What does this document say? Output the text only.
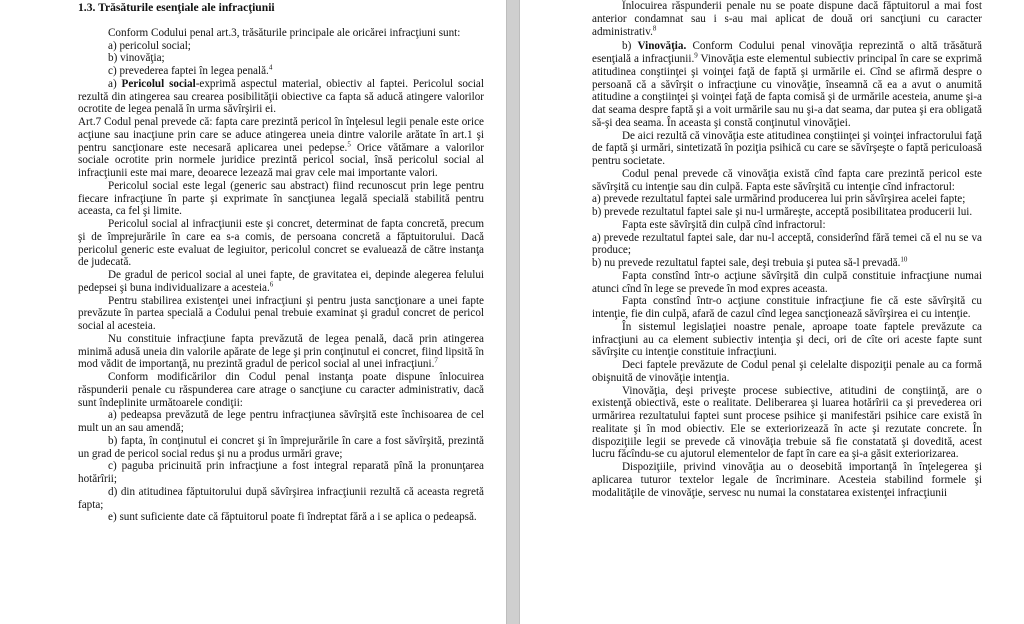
1.3. Trăsăturile esenţiale ale infracţiunii

Conform Codului penal art.3, trăsăturile principale ale oricărei infracţiuni sunt:

a) pericolul social;

b) vinovăţia;

c) prevederea faptei în legea penală.$^4$

a) Pericolul social-exprimă aspectul material, obiectiv al faptei. Pericolul social rezultă din atingerea sau crearea posibilităţii obiective ca fapta să aducă atingere valorilor ocrotite de legea penală în urma săvîrşirii ei.

Art.7 Codul penal prevede că: fapta care prezintă pericol în înţelesul legii penale este orice acţiune sau inacţiune prin care se aduce atingerea uneia dintre valorile arătate în art.1 şi pentru sancţionare este necesară aplicarea unei pedepse.$^5$ Orice vătămare a valorilor sociale ocrotite prin normele juridice prezintă pericol social, însă pericolul social al infracţiunii este mai mare, deoarece lezează mai grav cele mai importante valori.

Pericolul social este legal (generic sau abstract) fiind recunoscut prin lege pentru fiecare infracţiune în parte şi exprimate în sancţiunea legală specială stabilită pentru aceasta, ca fel şi limite.

Pericolul social al infracţiunii este şi concret, determinat de fapta concretă, precum şi de împrejurările în care ea s-a comis, de persoana concretă a făptuitorului. Dacă pericolul generic este evaluat de legiuitor, pericolul concret se evaluează de către instanţa de judecată.

De gradul de pericol social al unei fapte, de gravitatea ei, depinde alegerea felului pedepsei şi buna individualizare a acesteia.$^6$

Pentru stabilirea existenţei unei infracţiuni şi pentru justa sancţionare a unei fapte prevăzute în partea specială a Codului penal trebuie examinat şi gradul concret de pericol social al acesteia.

Nu constituie infracţiune fapta prevăzută de legea penală, dacă prin atingerea minimă adusă uneia din valorile apărate de lege şi prin conţinutul ei concret, fiind lipsită în mod vădit de importanţă, nu prezintă gradul de pericol social al unei infracţiuni.$^7$

Conform modificărilor din Codul penal instanţa poate dispune înlocuirea răspunderii penale cu răspunderea care atrage o sancţiune cu caracter administrativ, dacă sunt îndeplinite următoarele condiţii:

a) pedeapsa prevăzută de lege pentru infracţiunea săvîrşită este închisoarea de cel mult un an sau amendă;

b) fapta, în conţinutul ei concret şi în împrejurările în care a fost săvîrşită, prezintă un grad de pericol social redus şi nu a produs urmări grave;

c) paguba pricinuită prin infracţiune a fost integral reparată pînă la pronunţarea hotărîrii;

d) din atitudinea făptuitorului după săvîrşirea infracţiunii rezultă că aceasta regretă fapta;

e) sunt suficiente date că făptuitorul poate fi îndreptat fără a i se aplica o pedeapsă.

Înlocuirea răspunderii penale nu se poate dispune dacă făptuitorul a mai fost anterior condamnat sau i s-au mai aplicat de două ori sancţiuni cu caracter administrativ.$^8$

b) Vinovăţia. Conform Codului penal vinovăţia reprezintă o altă trăsătură esenţială a infracţiunii.$^9$ Vinovăţia este elementul subiectiv principal în care se exprimă atitudinea conştiinţei şi voinţei faţă de faptă şi urmările ei. Cînd se afirmă despre o persoană că a săvîrşit o infracţiune cu vinovăţie, înseamnă că ea a avut o anumită atitudine a conştiinţei şi voinţei faţă de fapta comisă şi de urmările acesteia, anume şi-a dat seama despre faptă şi a voit urmările sau nu şi-a dat seama, dar putea şi era obligată să-şi dea seama. În aceasta şi constă conţinutul vinovăţiei.

De aici rezultă că vinovăţia este atitudinea conştiinţei şi voinţei infractorului faţă de faptă şi urmări, sintetizată în poziţia psihică cu care se săvîrşeşte o faptă periculoasă pentru societate.

Codul penal prevede că vinovăţia există cînd fapta care prezintă pericol este săvîrşită cu intenţie sau din culpă. Fapta este săvîrşită cu intenţie cînd infractorul:

a) prevede rezultatul faptei sale urmărind producerea lui prin săvîrşirea acelei fapte;

b) prevede rezultatul faptei sale şi nu-l urmăreşte, acceptă posibilitatea producerii lui.

Fapta este săvîrşită din culpă cînd infractorul:

a) prevede rezultatul faptei sale, dar nu-l acceptă, considerînd fără temei că el nu se va produce;

b) nu prevede rezultatul faptei sale, deşi trebuia şi putea să-l prevadă.$^{10}$

Fapta constînd într-o acţiune săvîrşită din culpă constituie infracţiune numai atunci cînd în lege se prevede în mod expres aceasta.

Fapta constînd într-o acţiune constituie infracţiune fie că este săvîrşită cu intenţie, fie din culpă, afară de cazul cînd legea sancţionează săvîrşirea ei cu intenţie.

În sistemul legislaţiei noastre penale, aproape toate faptele prevăzute ca infracţiuni au ca element subiectiv intenţia şi deci, ori de cîte ori aceste fapte sunt săvîrşite cu intenţie constituie infracţiuni.

Deci faptele prevăzute de Codul penal şi celelalte dispoziţii penale au ca formă obişnuită de vinovăţie intenţia.

Vinovăţia, deşi priveşte procese subiective, atitudini de conştiinţă, are o existenţă obiectivă, este o realitate. Deliberarea şi luarea hotărîrii ca şi prevederea ori urmărirea rezultatului faptei sunt procese psihice şi manifestări psihice care există în realitate şi în mod obiectiv. Ele se exteriorizează în acte şi rezutate concrete. În dispoziţiile legii se prevede că vinovăţia trebuie să fie constatată şi dovedită, acest lucru făcîndu-se cu ajutorul elementelor de fapt în care ea şi-a găsit exteriorizarea.

Dispoziţiile, privind vinovăţia au o deosebită importanţă în înţelegerea şi aplicarea tuturor textelor legale de încriminare. Acesteia stabilind formele şi modalităţile de vinovăţie, servesc nu numai la constatarea existenţei infracţiunii
